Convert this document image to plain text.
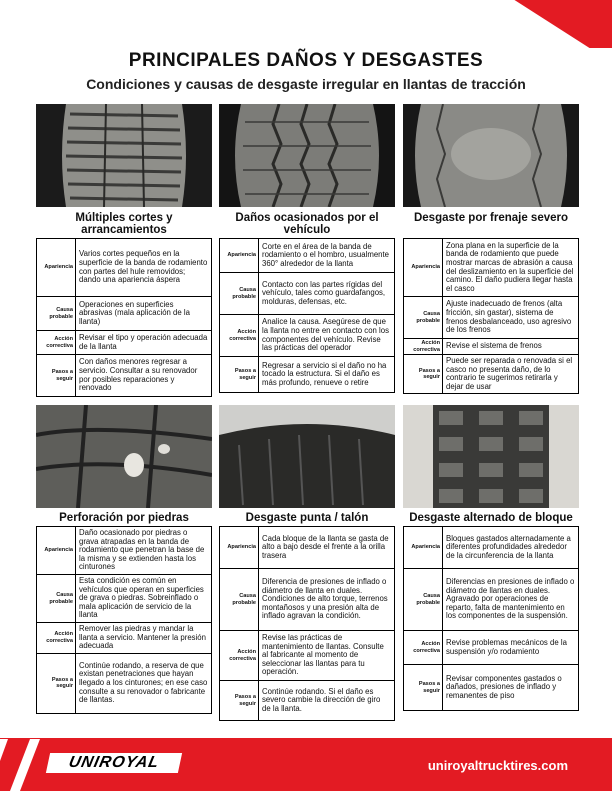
PRINCIPALES DAÑOS Y DESGASTES
Condiciones y causas de desgaste irregular en llantas de tracción
Múltiples cortes y arrancamientos
Apariencia	Varios cortes pequeños en la superficie de la banda de rodamiento con partes del hule removidos; dando una apariencia áspera
Causa probable	Operaciones en superficies abrasivas (mala aplicación de la llanta)
Acción correctiva	Revisar el tipo y operación adecuada de la llanta
Pasos a seguir	Con daños menores regresar a servicio. Consultar a su renovador por posibles reparaciones y renovado
Daños ocasionados por el vehículo
Apariencia	Corte en el área de la banda de rodamiento o el hombro, usualmente 360° alrededor de la llanta
Causa probable	Contacto con las partes rígidas del vehículo, tales como guardafangos, molduras, defensas, etc.
Acción correctiva	Analice la causa. Asegúrese de que la llanta no entre en contacto con los componentes del vehículo. Revise las prácticas del operador
Pasos a seguir	Regresar a servicio si el daño no ha tocado la estructura. Si el daño es más profundo, renueve o retire
Desgaste por frenaje severo
Apariencia	Zona plana en la superficie de la banda de rodamiento que puede mostrar marcas de abrasión a causa del deslizamiento en la superficie del camino. El daño pudiera llegar hasta el casco
Causa probable	Ajuste inadecuado de frenos (alta fricción, sin gastar), sistema de frenos desbalanceado, uso agresivo de los frenos
Acción correctiva	Revise el sistema de frenos
Pasos a seguir	Puede ser reparada o renovada si el casco no presenta daño, de lo contrario te sugerimos retirarla y dejar de usar
Perforación por piedras
Apariencia	Daño ocasionado por piedras o grava atrapadas en la banda de rodamiento que penetran la base de la misma y se extienden hasta los cinturones
Causa probable	Esta condición es común en vehículos que operan en superficies de grava o piedras. Sobreinflado o mala aplicación de servicio de la llanta
Acción correctiva	Remover las piedras y mandar la llanta a servicio. Mantener la presión adecuada
Pasos a seguir	Continúe rodando, a reserva de que existan penetraciones que hayan llegado a los cinturones; en ese caso consulte a su renovador o fabricante de llantas.
Desgaste punta / talón
Apariencia	Cada bloque de la llanta se gasta de alto a bajo desde el frente a la orilla trasera
Causa probable	Diferencia de presiones de inflado o diámetro de llanta en duales. Condiciones de alto torque, terrenos montañosos y una presión alta de inflado agravan la condición.
Acción correctiva	Revise las prácticas de mantenimiento de llantas. Consulte al fabricante al momento de seleccionar las llantas para tu operación.
Pasos a seguir	Continúe rodando. Si el daño es severo cambie la dirección de giro de la llanta.
Desgaste alternado de bloque
Apariencia	Bloques gastados alternadamente a diferentes profundidades alrededor de la circunferencia de la llanta
Causa probable	Diferencias en presiones de inflado o diámetro de llantas en duales. Agravado por operaciones de reparto, falta de mantenimiento en los componentes de la suspensión.
Acción correctiva	Revise problemas mecánicos de la suspensión y/o rodamiento
Pasos a seguir	Revisar componentes gastados o dañados, presiones de inflado y remanentes de piso
UNIROYAL	uniroyaltrucktires.com
